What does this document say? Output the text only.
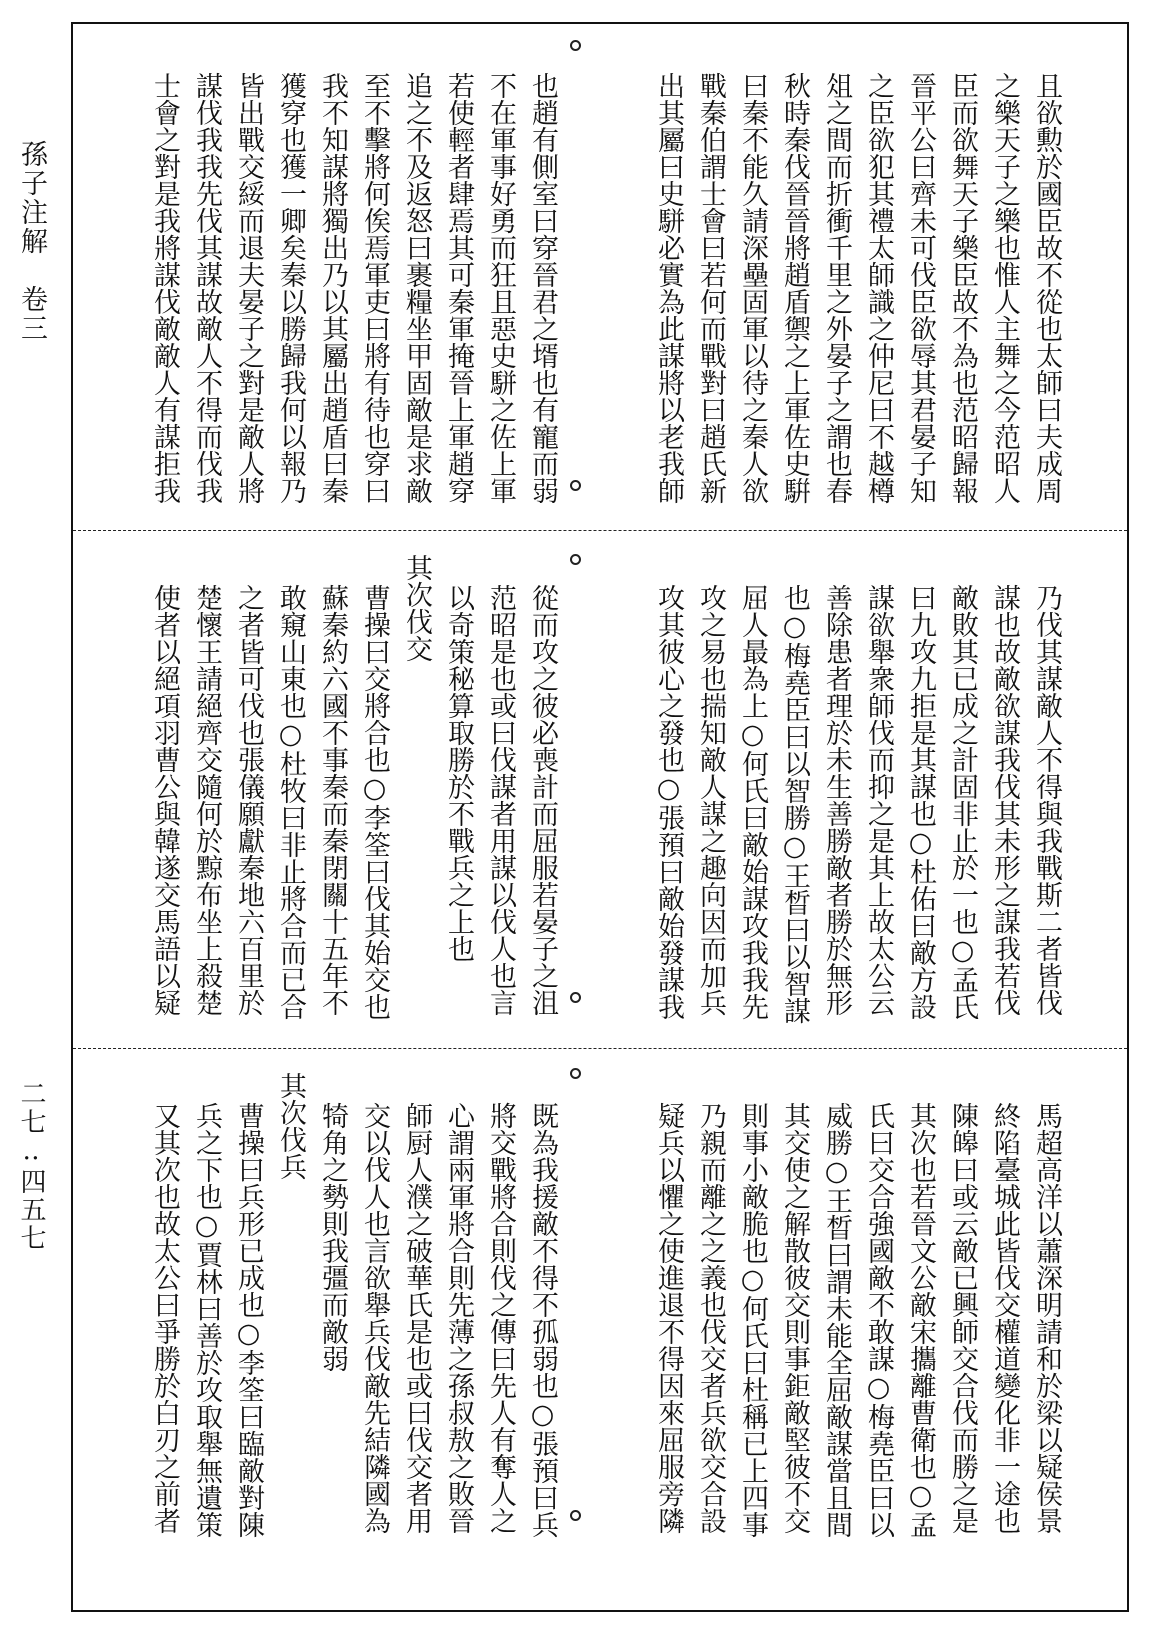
孫子注解　卷三
二七‥四五七
且欲勲於國臣故不從也太師曰夫成周
之樂天子之樂也惟人主舞之今范昭人
臣而欲舞天子樂臣故不為也范昭歸報
晉平公曰齊未可伐臣欲辱其君晏子知
之臣欲犯其禮太師識之仲尼曰不越樽
俎之間而折衝千里之外晏子之謂也春
秋時秦伐晉晉將趙盾禦之上軍佐史騈
曰秦不能久請深壘固軍以待之秦人欲
戰秦伯謂士會曰若何而戰對曰趙氏新
出其屬曰史駢必實為此謀將以老我師
也趙有側室曰穿晉君之壻也有寵而弱
不在軍事好勇而狂且惡史駢之佐上軍
若使輕者肆焉其可秦軍掩晉上軍趙穿
追之不及返怒曰裹糧坐甲固敵是求敵
至不擊將何俟焉軍吏曰將有待也穿曰
我不知謀將獨出乃以其屬出趙盾曰秦
獲穿也獲一卿矣秦以勝歸我何以報乃
皆出戰交綏而退夫晏子之對是敵人將
謀伐我我先伐其謀故敵人不得而伐我
士會之對是我將謀伐敵敵人有謀拒我
乃伐其謀敵人不得與我戰斯二者皆伐
謀也故敵欲謀我伐其未形之謀我若伐
敵敗其已成之計固非止於一也○孟氏
曰九攻九拒是其謀也○杜佑曰敵方設
謀欲舉衆師伐而抑之是其上故太公云
善除患者理於未生善勝敵者勝於無形
也○梅堯臣曰以智勝○王晳曰以智謀
屈人最為上○何氏曰敵始謀攻我我先
攻之易也揣知敵人謀之趣向因而加兵
攻其彼心之發也○張預曰敵始發謀我
從而攻之彼必喪計而屈服若晏子之沮
范昭是也或曰伐謀者用謀以伐人也言
以奇策秘算取勝於不戰兵之上也
其次伐交
曹操曰交將合也○李筌曰伐其始交也
蘇秦約六國不事秦而秦閉關十五年不
敢窺山東也○杜牧曰非止將合而已合
之者皆可伐也張儀願獻秦地六百里於
楚懷王請絕齊交隨何於黥布坐上殺楚
使者以絕項羽曹公與韓遂交馬語以疑
馬超高洋以蕭深明請和於梁以疑侯景
終陷臺城此皆伐交權道變化非一途也
陳皞曰或云敵已興師交合伐而勝之是
其次也若晉文公敵宋攜離曹衛也○孟
氏曰交合強國敵不敢謀○梅堯臣曰以
威勝○王晳曰謂未能全屈敵謀當且間
其交使之解散彼交則事鉅敵堅彼不交
則事小敵脆也○何氏曰杜稱已上四事
乃親而離之之義也伐交者兵欲交合設
疑兵以懼之使進退不得因來屈服旁隣
既為我援敵不得不孤弱也○張預曰兵
將交戰將合則伐之傳曰先人有奪人之
心謂兩軍將合則先薄之孫叔敖之敗晉
師厨人濮之破華氏是也或曰伐交者用
交以伐人也言欲舉兵伐敵先結隣國為
犄角之勢則我彊而敵弱
其次伐兵
曹操曰兵形已成也○李筌曰臨敵對陳
兵之下也○賈林曰善於攻取舉無遺策
又其次也故太公曰爭勝於白刃之前者
